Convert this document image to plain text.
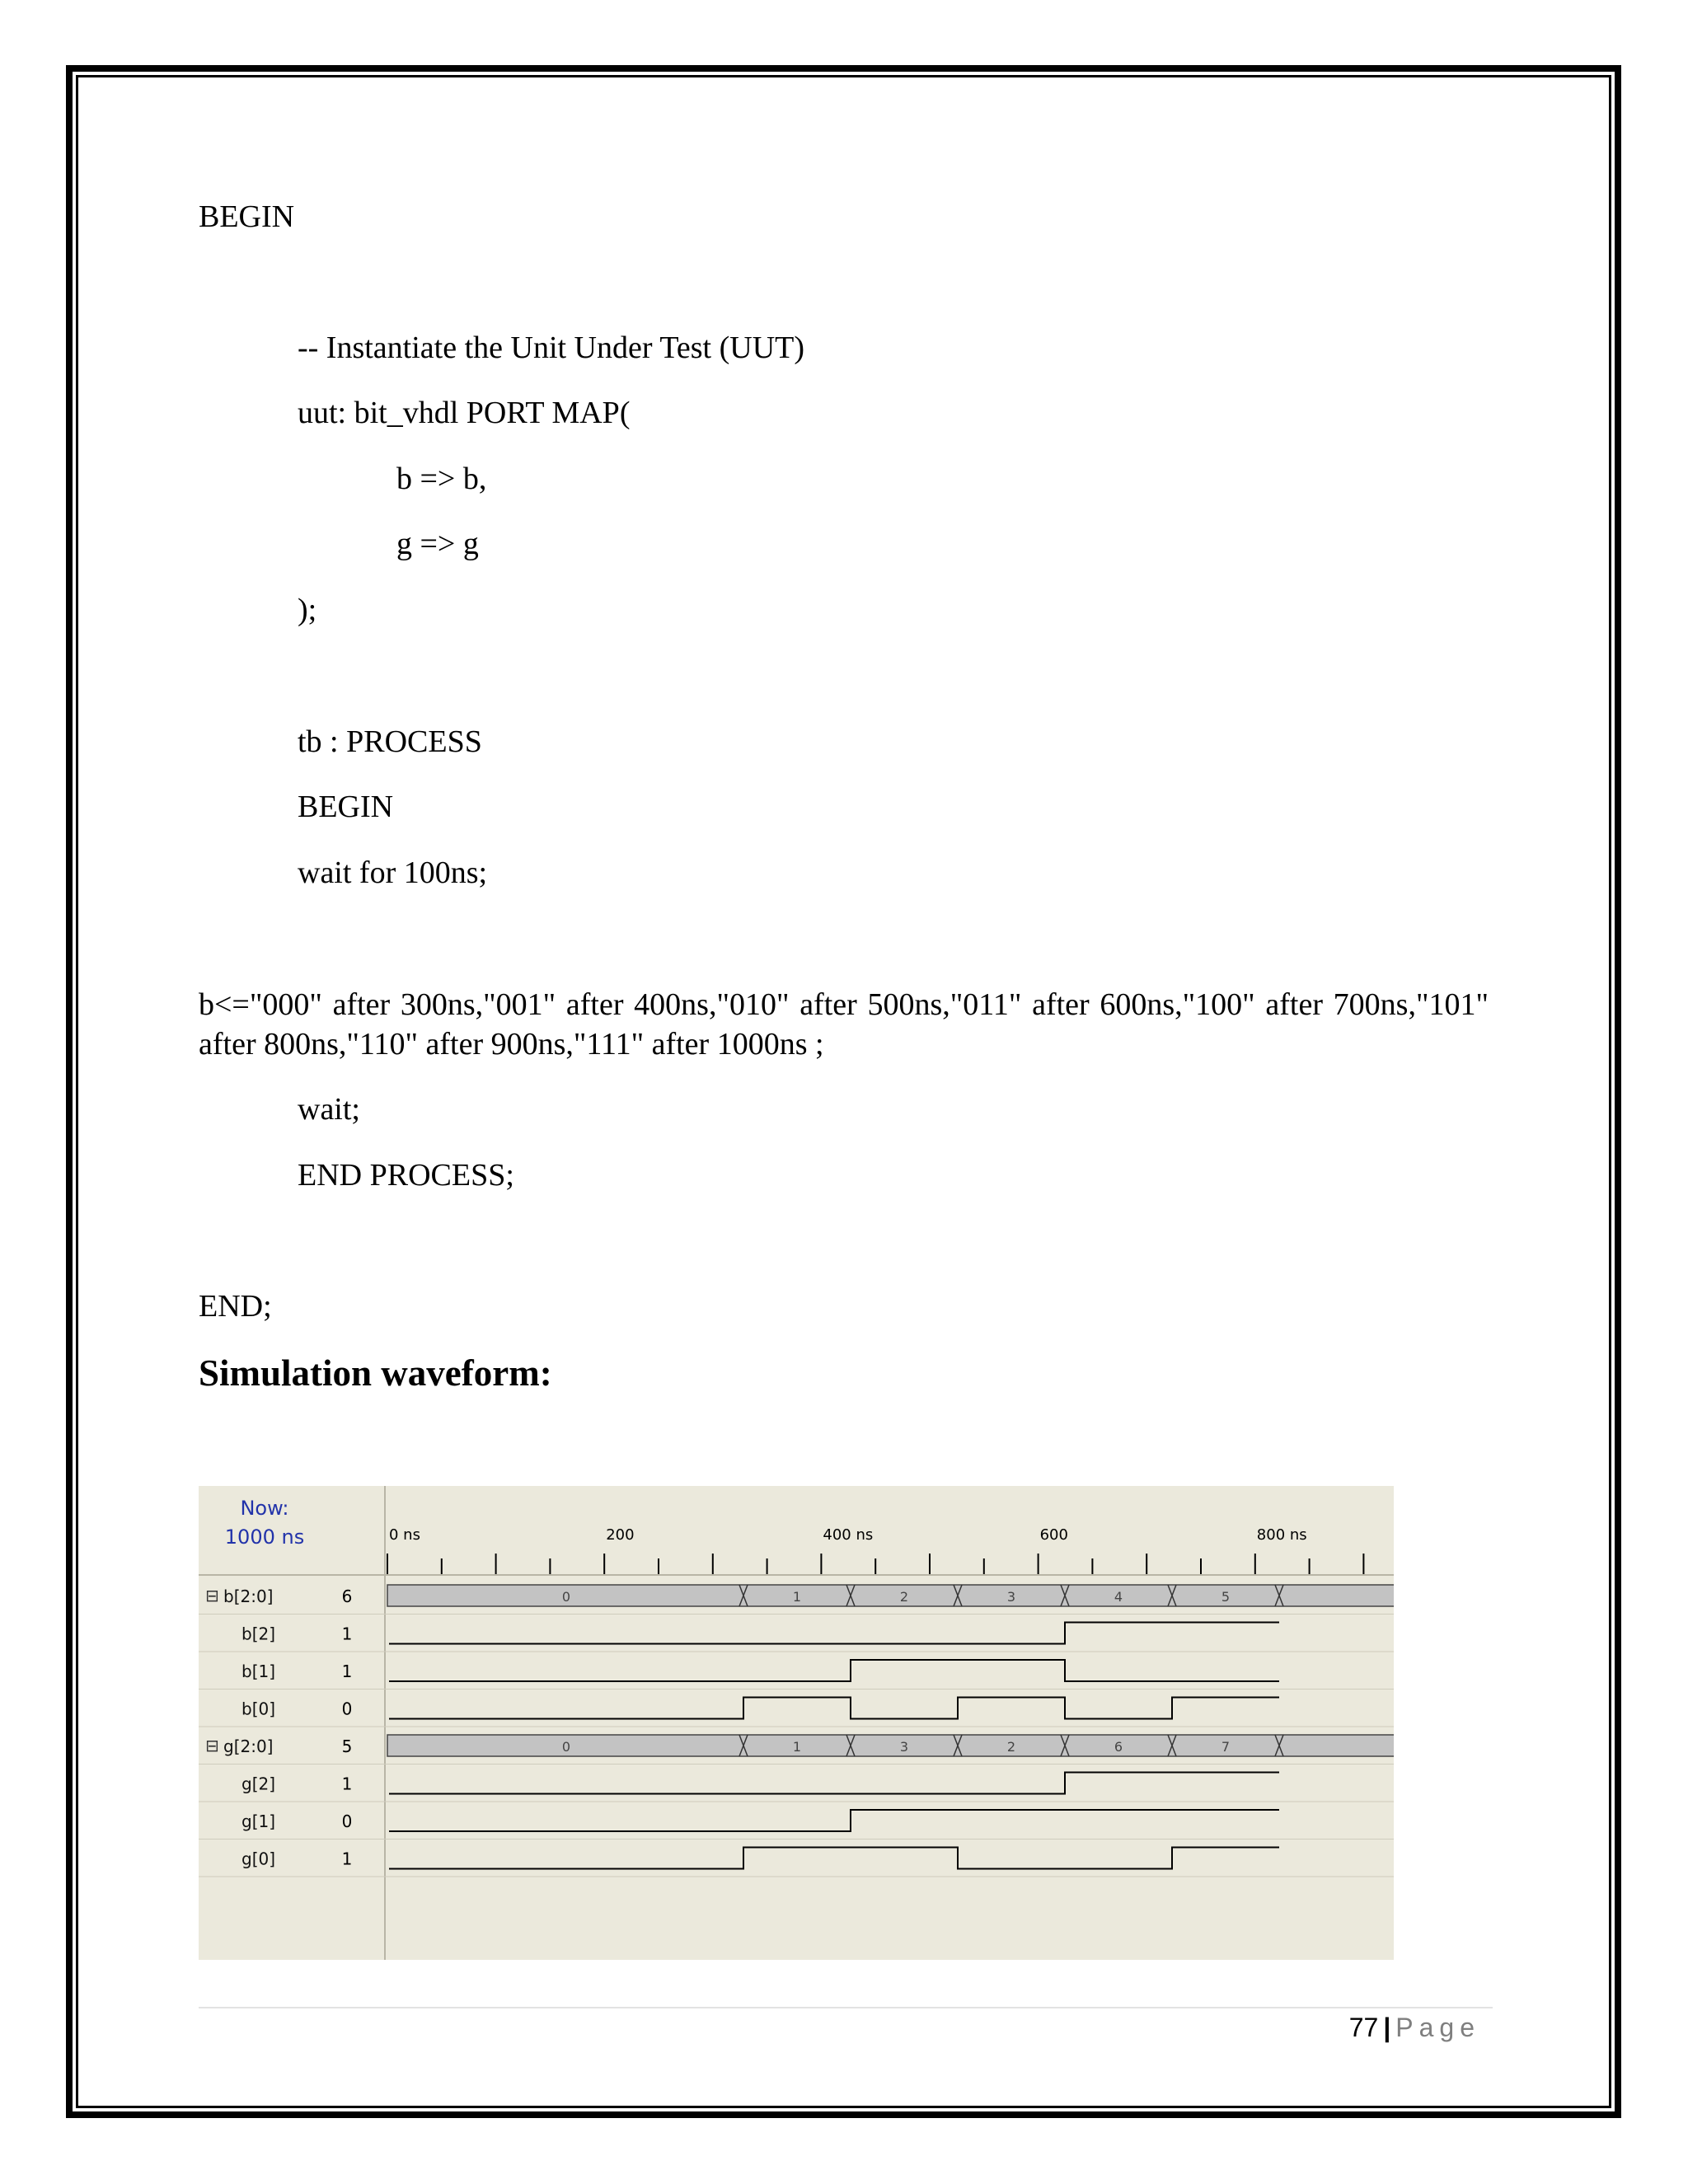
BEGIN
-- Instantiate the Unit Under Test (UUT)
uut: bit_vhdl PORT MAP(
b => b,
g => g
);
tb : PROCESS
BEGIN
wait for 100ns;
b<="000" after 300ns,"001" after 400ns,"010" after 500ns,"011" after 600ns,"100" after 700ns,"101" after 800ns,"110" after 900ns,"111" after 1000ns ;
wait;
END PROCESS;
END;
Simulation waveform:
Now:
1000 ns	0 ns	200	400 ns	600	800 ns
⊟ b[2:0]	6	0	1	2	3	4	5
b[2]	1
b[1]	1
b[0]	0
⊟ g[2:0]	5	0	1	3	2	6	7
g[2]	1
g[1]	0
g[0]	1
77 | Page
